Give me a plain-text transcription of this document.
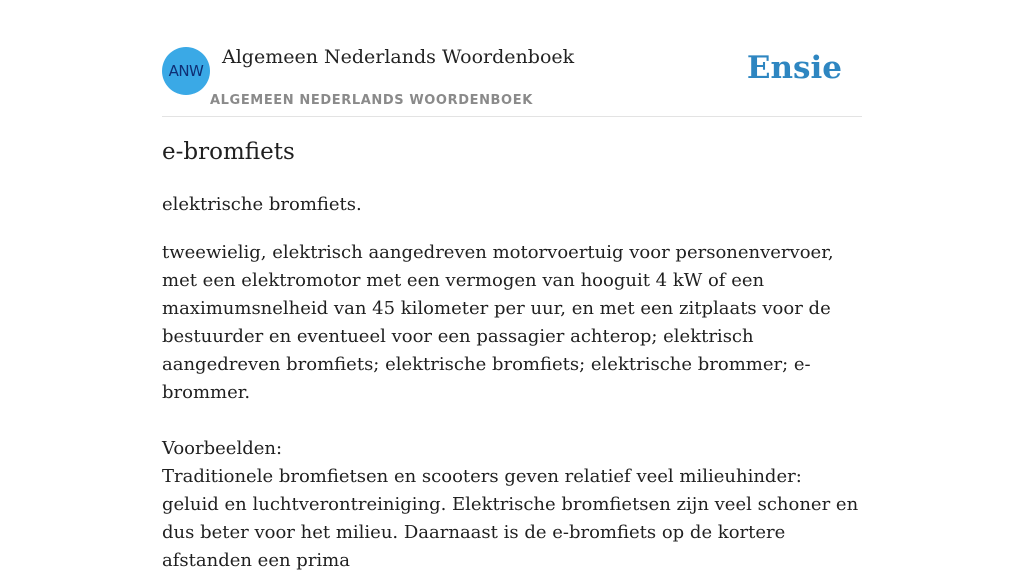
ANW
Algemeen Nederlands Woordenboek
ALGEMEEN NEDERLANDS WOORDENBOEK
Ensie
e-bromfiets
elektrische bromfiets.

tweewielig, elektrisch aangedreven motorvoertuig voor personenvervoer, met een elektromotor met een vermogen van hooguit 4 kW of een maximumsnelheid van 45 kilometer per uur, en met een zitplaats voor de bestuurder en eventueel voor een passagier achterop; elektrisch aangedreven bromfiets; elektrische bromfiets; elektrische brommer; e-brommer.

Voorbeelden:

Traditionele bromfietsen en scooters geven relatief veel milieuhinder: geluid en luchtverontreiniging. Elektrische bromfietsen zijn veel schoner en dus beter voor het milieu. Daarnaast is de e-bromfiets op de kortere afstanden een prima
